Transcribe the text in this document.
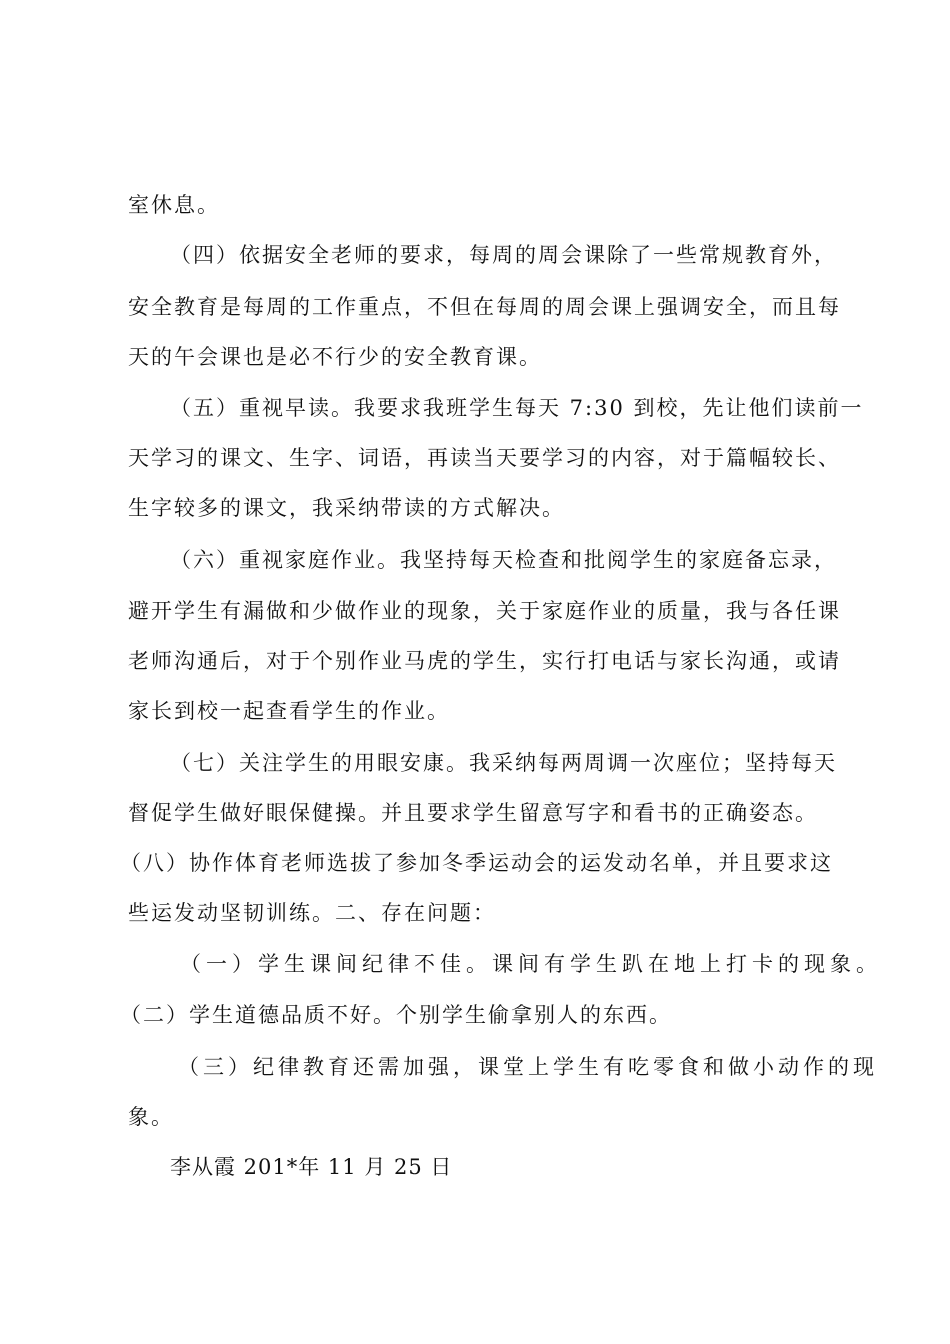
室休息。
（四）依据安全老师的要求，每周的周会课除了一些常规教育外，
安全教育是每周的工作重点，不但在每周的周会课上强调安全，而且每
天的午会课也是必不行少的安全教育课。
（五）重视早读。我要求我班学生每天 7:30 到校，先让他们读前一
天学习的课文、生字、词语，再读当天要学习的内容，对于篇幅较长、
生字较多的课文，我采纳带读的方式解决。
（六）重视家庭作业。我坚持每天检查和批阅学生的家庭备忘录，
避开学生有漏做和少做作业的现象，关于家庭作业的质量，我与各任课
老师沟通后，对于个别作业马虎的学生，实行打电话与家长沟通，或请
家长到校一起查看学生的作业。
（七）关注学生的用眼安康。我采纳每两周调一次座位；坚持每天
督促学生做好眼保健操。并且要求学生留意写字和看书的正确姿态。
（八）协作体育老师选拔了参加冬季运动会的运发动名单，并且要求这
些运发动坚韧训练。二、存在问题：
（一）学生课间纪律不佳。课间有学生趴在地上打卡的现象。
（二）学生道德品质不好。个别学生偷拿别人的东西。
（三）纪律教育还需加强，课堂上学生有吃零食和做小动作的现
象。
李从霞 201*年 11 月 25 日
